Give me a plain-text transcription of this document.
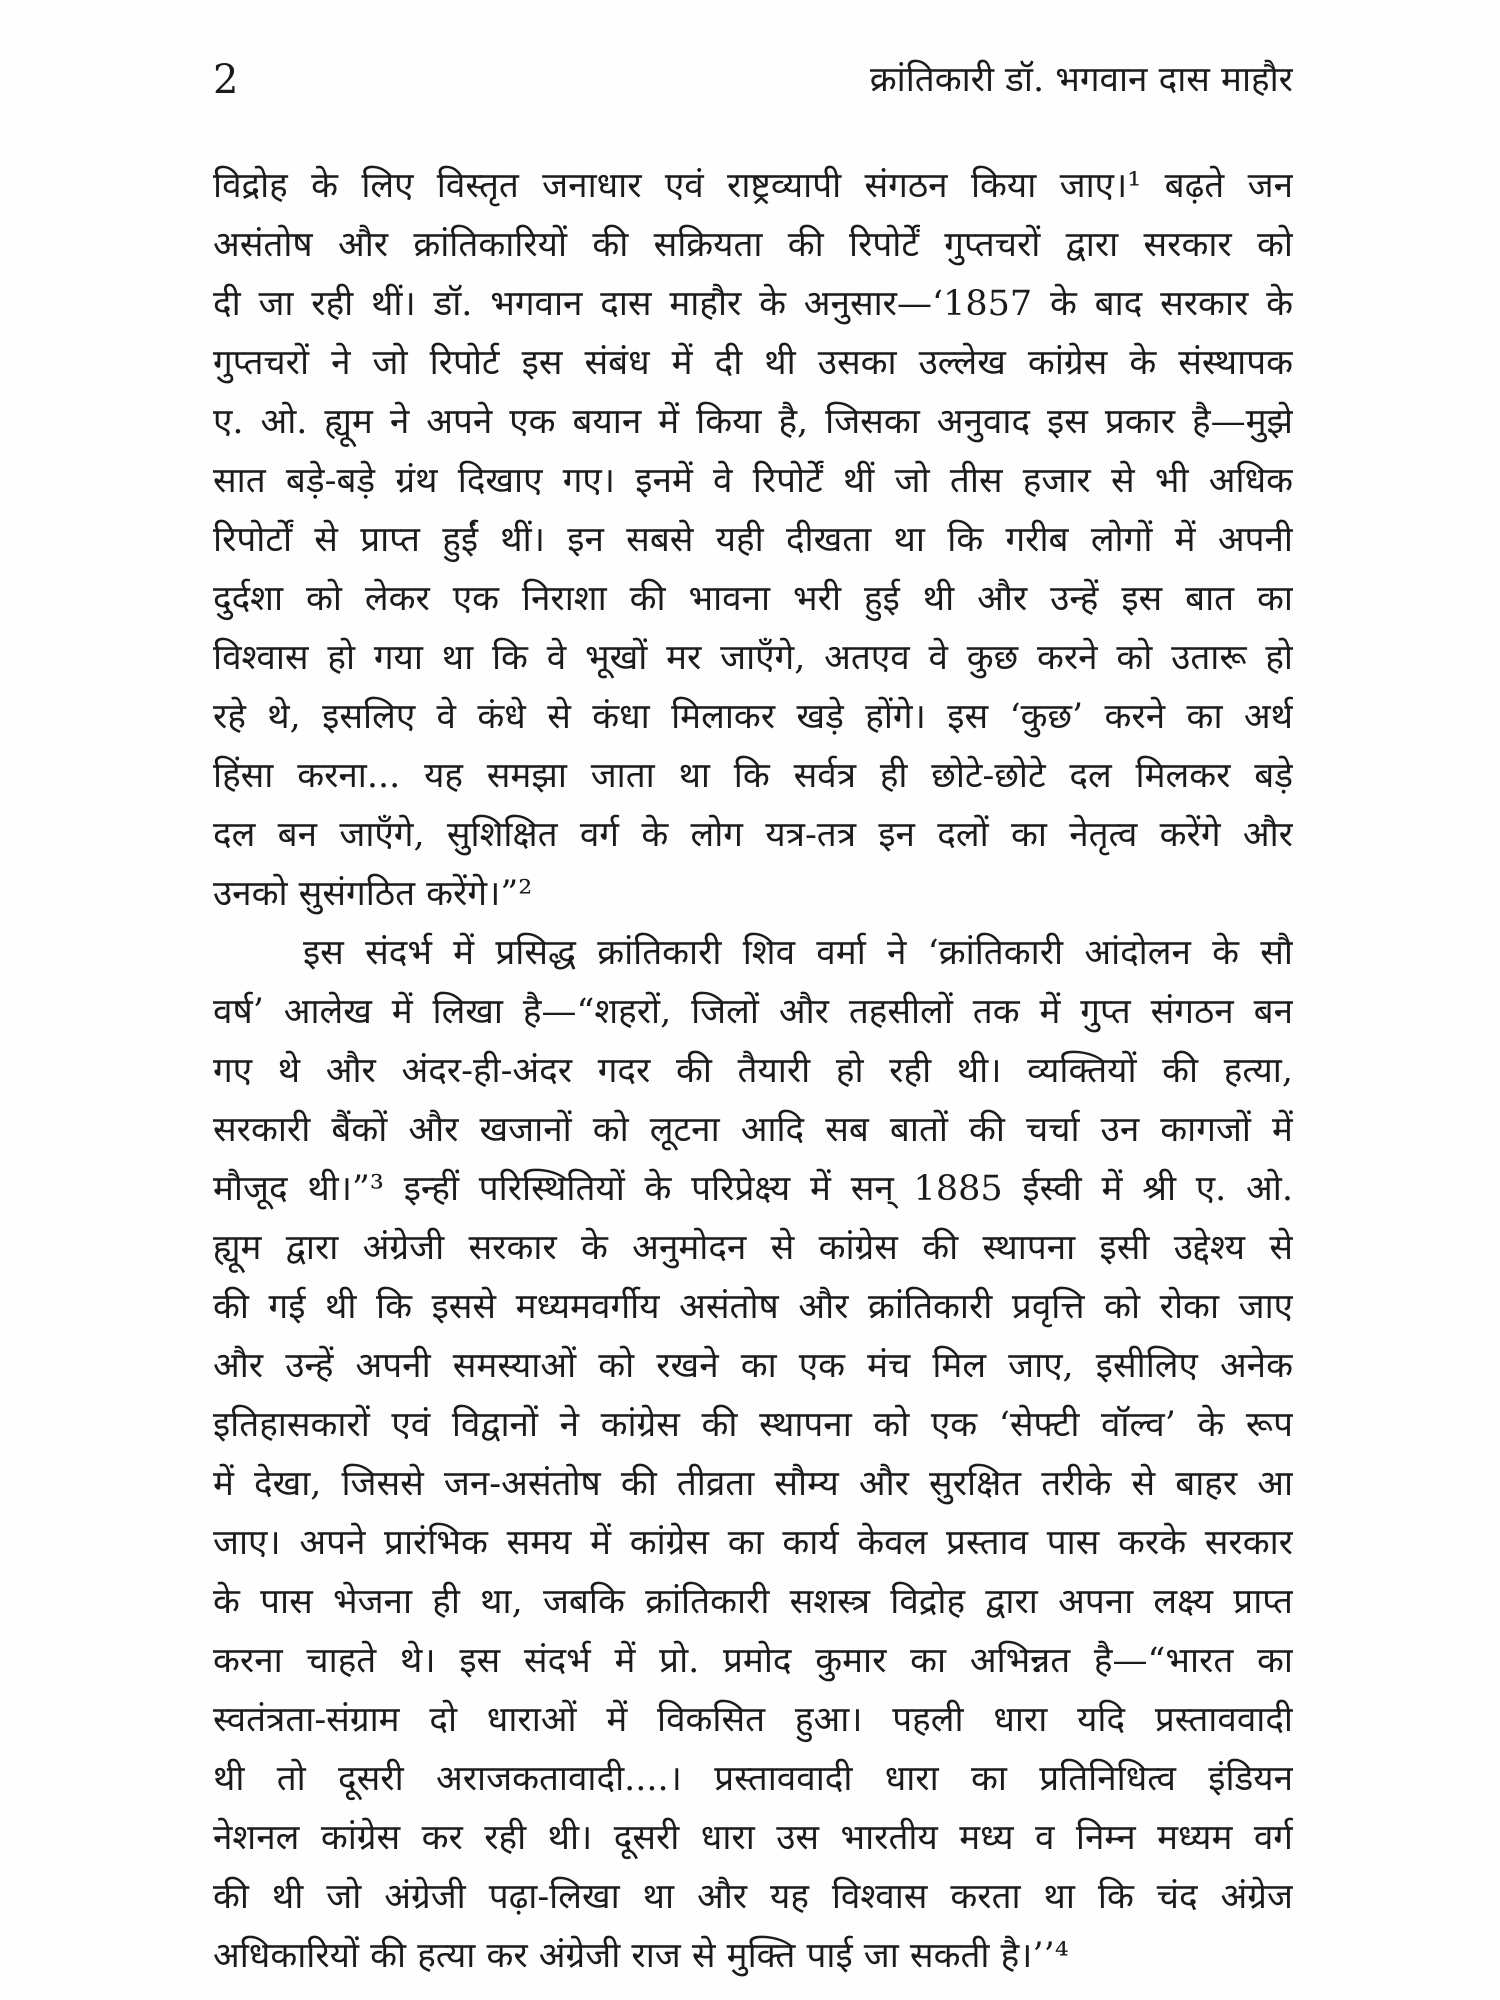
2	क्रांतिकारी डॉ. भगवान दास माहौर
विद्रोह के लिए विस्तृत जनाधार एवं राष्ट्रव्यापी संगठन किया जाए।¹ बढ़ते जन
असंतोष और क्रांतिकारियों की सक्रियता की रिपोर्टें गुप्तचरों द्वारा सरकार को
दी जा रही थीं। डॉ. भगवान दास माहौर के अनुसार—‘1857 के बाद सरकार के
गुप्तचरों ने जो रिपोर्ट इस संबंध में दी थी उसका उल्लेख कांग्रेस के संस्थापक
ए. ओ. ह्यूम ने अपने एक बयान में किया है, जिसका अनुवाद इस प्रकार है—मुझे
सात बड़े-बड़े ग्रंथ दिखाए गए। इनमें वे रिपोर्टें थीं जो तीस हजार से भी अधिक
रिपोर्टों से प्राप्त हुईं थीं। इन सबसे यही दीखता था कि गरीब लोगों में अपनी
दुर्दशा को लेकर एक निराशा की भावना भरी हुई थी और उन्हें इस बात का
विश्वास हो गया था कि वे भूखों मर जाएँगे, अतएव वे कुछ करने को उतारू हो
रहे थे, इसलिए वे कंधे से कंधा मिलाकर खड़े होंगे। इस ‘कुछ’ करने का अर्थ
हिंसा करना... यह समझा जाता था कि सर्वत्र ही छोटे-छोटे दल मिलकर बड़े
दल बन जाएँगे, सुशिक्षित वर्ग के लोग यत्र-तत्र इन दलों का नेतृत्व करेंगे और
उनको सुसंगठित करेंगे।”²
इस संदर्भ में प्रसिद्ध क्रांतिकारी शिव वर्मा ने ‘क्रांतिकारी आंदोलन के सौ
वर्ष’ आलेख में लिखा है—“शहरों, जिलों और तहसीलों तक में गुप्त संगठन बन
गए थे और अंदर-ही-अंदर गदर की तैयारी हो रही थी। व्यक्तियों की हत्या,
सरकारी बैंकों और खजानों को लूटना आदि सब बातों की चर्चा उन कागजों में
मौजूद थी।”³ इन्हीं परिस्थितियों के परिप्रेक्ष्य में सन् 1885 ईस्वी में श्री ए. ओ.
ह्यूम द्वारा अंग्रेजी सरकार के अनुमोदन से कांग्रेस की स्थापना इसी उद्देश्य से
की गई थी कि इससे मध्यमवर्गीय असंतोष और क्रांतिकारी प्रवृत्ति को रोका जाए
और उन्हें अपनी समस्याओं को रखने का एक मंच मिल जाए, इसीलिए अनेक
इतिहासकारों एवं विद्वानों ने कांग्रेस की स्थापना को एक ‘सेफ्टी वॉल्व’ के रूप
में देखा, जिससे जन-असंतोष की तीव्रता सौम्य और सुरक्षित तरीके से बाहर आ
जाए। अपने प्रारंभिक समय में कांग्रेस का कार्य केवल प्रस्ताव पास करके सरकार
के पास भेजना ही था, जबकि क्रांतिकारी सशस्त्र विद्रोह द्वारा अपना लक्ष्य प्राप्त
करना चाहते थे। इस संदर्भ में प्रो. प्रमोद कुमार का अभिन्नत है—“भारत का
स्वतंत्रता-संग्राम दो धाराओं में विकसित हुआ। पहली धारा यदि प्रस्ताववादी
थी तो दूसरी अराजकतावादी....। प्रस्ताववादी धारा का प्रतिनिधित्व इंडियन
नेशनल कांग्रेस कर रही थी। दूसरी धारा उस भारतीय मध्य व निम्न मध्यम वर्ग
की थी जो अंग्रेजी पढ़ा-लिखा था और यह विश्वास करता था कि चंद अंग्रेज
अधिकारियों की हत्या कर अंग्रेजी राज से मुक्ति पाई जा सकती है।’’⁴
